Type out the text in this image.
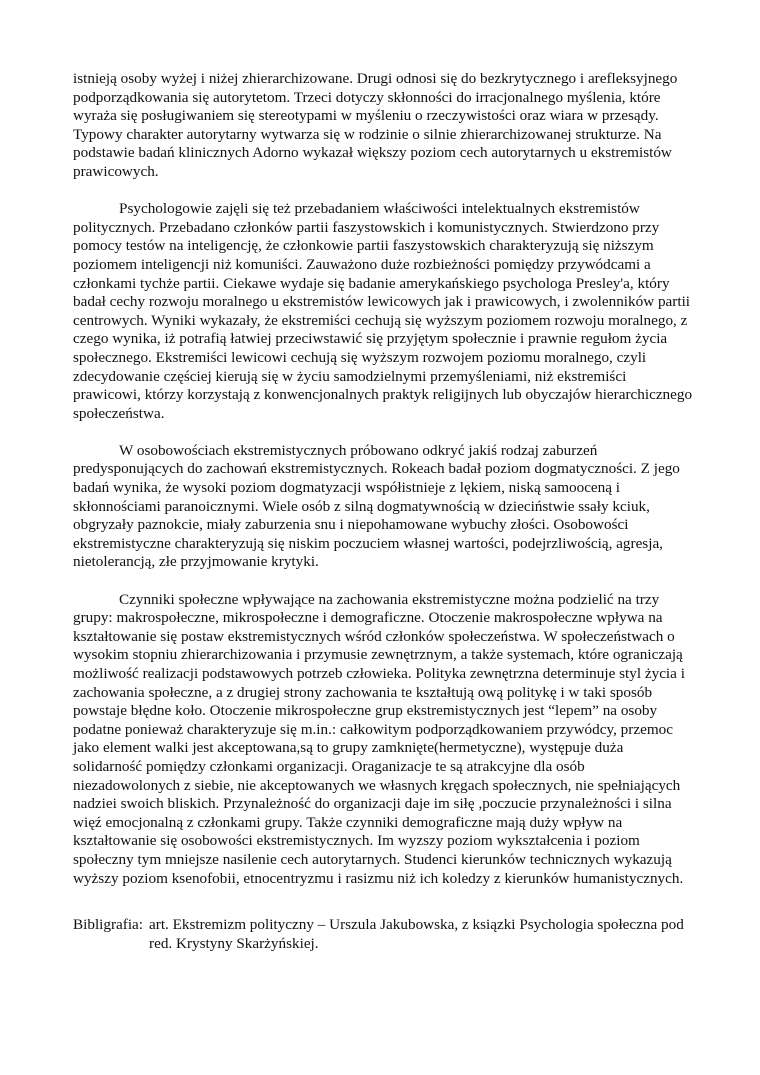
istnieją osoby wyżej i niżej zhierarchizowane. Drugi odnosi się do bezkrytycznego i arefleksyjnego podporządkowania się autorytetom. Trzeci dotyczy skłonności do irracjonalnego myślenia, które wyraża się posługiwaniem się stereotypami w myśleniu o rzeczywistości oraz wiara w przesądy. Typowy charakter autorytarny wytwarza się w rodzinie o silnie zhierarchizowanej strukturze. Na podstawie badań klinicznych Adorno wykazał większy poziom cech autorytarnych u ekstremistów prawicowych.

Psychologowie zajęli się też przebadaniem właściwości intelektualnych ekstremistów politycznych. Przebadano członków partii faszystowskich i komunistycznych. Stwierdzono przy pomocy testów na inteligencję, że członkowie partii faszystowskich charakteryzują się niższym poziomem inteligencji niż komuniści. Zauważono duże rozbieżności pomiędzy przywódcami a członkami tychże partii. Ciekawe wydaje się badanie amerykańskiego psychologa Presley'a, który badał cechy rozwoju moralnego u ekstremistów lewicowych jak i prawicowych, i zwolenników partii centrowych. Wyniki wykazały, że ekstremiści cechują się wyższym poziomem rozwoju moralnego, z czego wynika, iż potrafią łatwiej przeciwstawić się przyjętym społecznie i prawnie regułom życia społecznego. Ekstremiści lewicowi cechują się wyższym rozwojem poziomu moralnego, czyli zdecydowanie częściej kierują się w życiu samodzielnymi przemyśleniami, niż ekstremiści prawicowi, którzy korzystają z konwencjonalnych praktyk religijnych lub obyczajów hierarchicznego społeczeństwa.

W osobowościach ekstremistycznych próbowano odkryć jakiś rodzaj zaburzeń predysponujących do zachowań ekstremistycznych. Rokeach badał poziom dogmatyczności. Z jego badań wynika, że wysoki poziom dogmatyzacji współistnieje z lękiem, niską samooceną i skłonnościami paranoicznymi. Wiele osób z silną dogmatywnością w dzieciństwie ssały kciuk, obgryzały paznokcie, miały zaburzenia snu i niepohamowane wybuchy złości. Osobowości ekstremistyczne charakteryzują się niskim poczuciem własnej wartości, podejrzliwością, agresja, nietolerancją, złe przyjmowanie krytyki.

Czynniki społeczne wpływające na zachowania ekstremistyczne można podzielić na trzy grupy: makrospołeczne, mikrospołeczne i demograficzne. Otoczenie makrospołeczne wpływa na kształtowanie się postaw ekstremistycznych wśród członków społeczeństwa. W społeczeństwach o wysokim stopniu zhierarchizowania i przymusie zewnętrznym, a także systemach, które ograniczają możliwość realizacji podstawowych potrzeb człowieka. Polityka zewnętrzna determinuje styl życia i zachowania społeczne, a z drugiej strony zachowania te kształtują ową politykę i w taki sposób powstaje błędne koło. Otoczenie mikrospołeczne grup ekstremistycznych jest “lepem” na osoby podatne ponieważ charakteryzuje się m.in.: całkowitym podporządkowaniem przywódcy, przemoc jako element walki jest akceptowana,są to grupy zamknięte(hermetyczne), występuje duża solidarność pomiędzy członkami organizacji. Oraganizacje te są atrakcyjne dla osób niezadowolonych z siebie, nie akceptowanych we własnych kręgach społecznych, nie spełniających nadziei swoich bliskich. Przynależność do organizacji daje im siłę ,poczucie przynależności i silna więź emocjonalną z członkami grupy. Także czynniki demograficzne mają duży wpływ na kształtowanie się osobowości ekstremistycznych. Im wyzszy poziom wykształcenia i poziom społeczny tym mniejsze nasilenie cech autorytarnych. Studenci kierunków technicznych wykazują wyższy poziom ksenofobii, etnocentryzmu i rasizmu niż ich koledzy z kierunków humanistycznych.

Bibligrafia: art. Ekstremizm polityczny – Urszula Jakubowska, z ksiązki Psychologia społeczna pod
red. Krystyny Skarżyńskiej.
